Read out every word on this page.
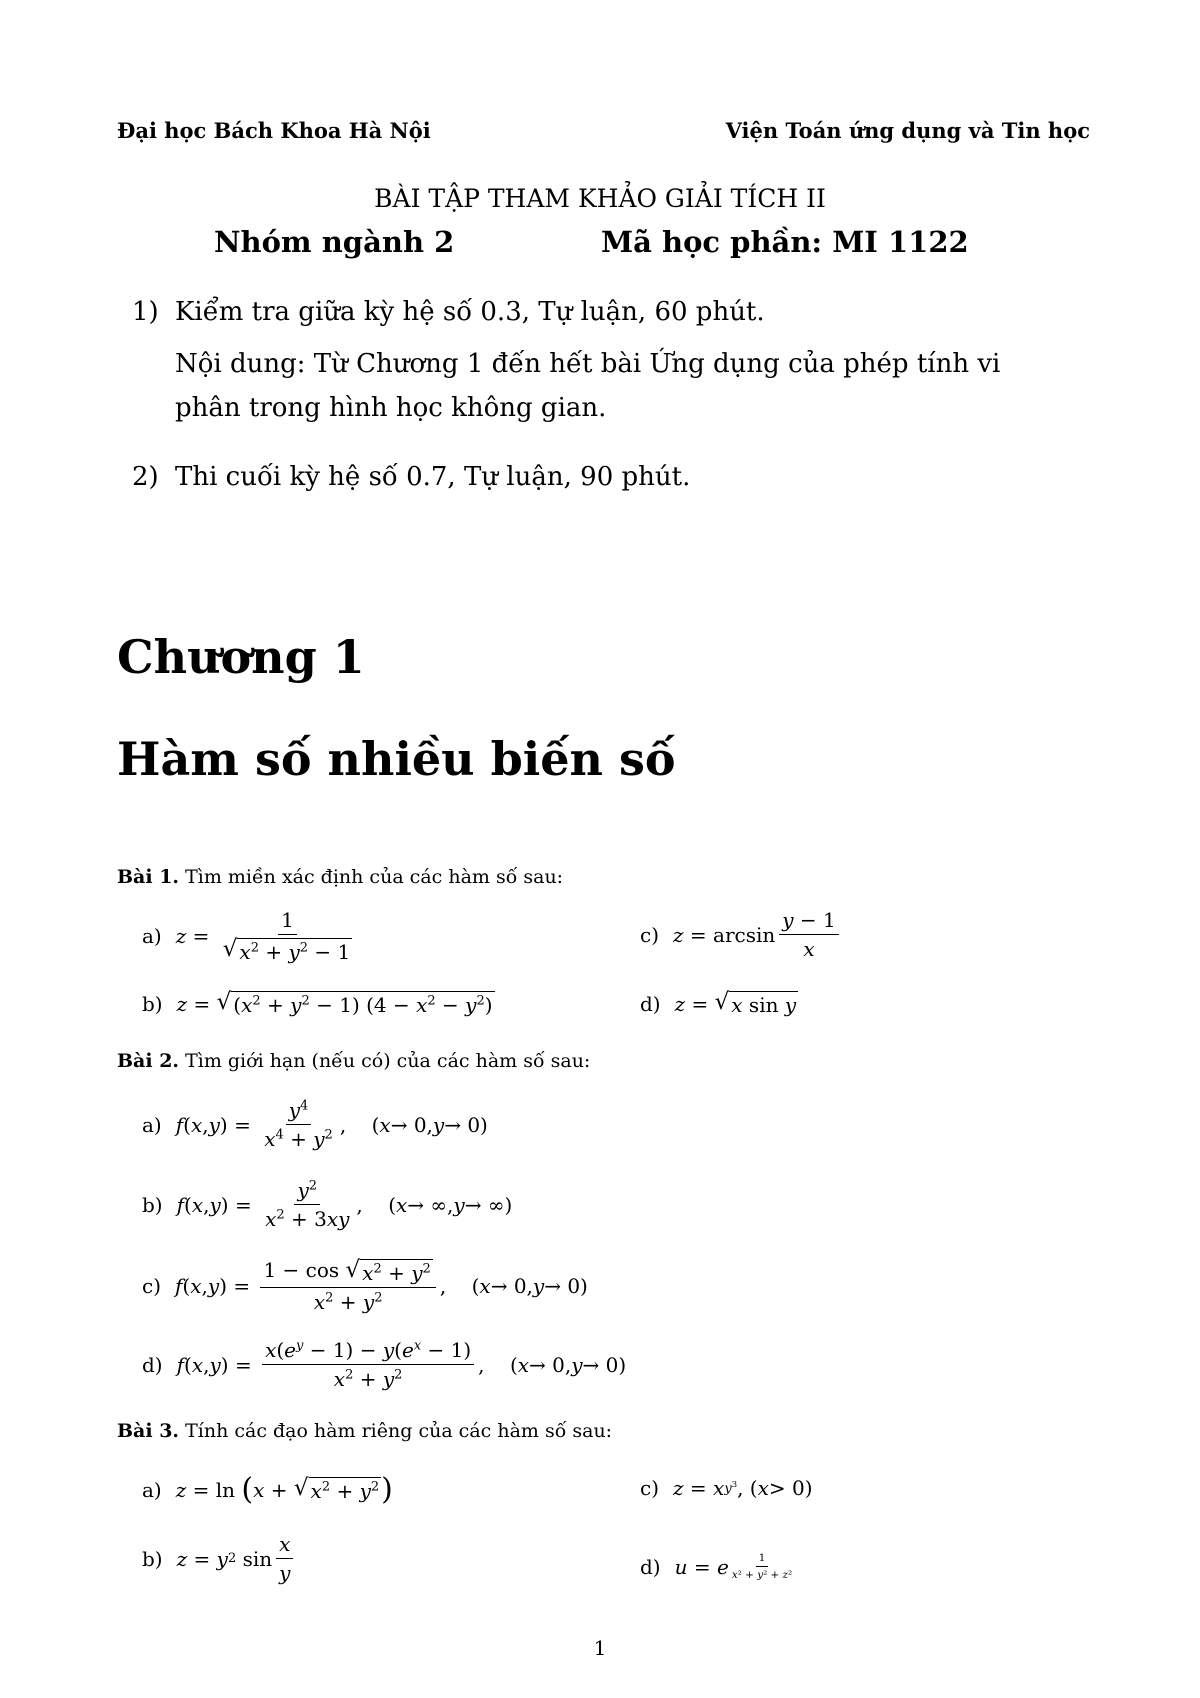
Đại học Bách Khoa Hà Nội	Viện Toán ứng dụng và Tin học
BÀI TẬP THAM KHẢO GIẢI TÍCH II
Nhóm ngành 2	Mã học phần: MI 1122
1) Kiểm tra giữa kỳ hệ số 0.3, Tự luận, 60 phút.
Nội dung: Từ Chương 1 đến hết bài Ứng dụng của phép tính vi
phân trong hình học không gian.
2) Thi cuối kỳ hệ số 0.7, Tự luận, 90 phút.
Chương 1
Hàm số nhiều biến số
Bài 1. Tìm miền xác định của các hàm số sau:
a) $z = \frac{1}{√ x^2 + y^2 - 1}$
b) z = √ $(x^2 + y^2 - 1) (4 - x^2 - y^2)$
c) $z = \arcsin \frac{y - 1}{x}$
d) z = √ x sin y
Bài 2. Tìm giới hạn (nếu có) của các hàm số sau:
a) f ( x , y ) = $\frac{y^4}{x^4 + y^2}$ ,    ( x → 0, y → 0)
b) f ( x , y ) = $\frac{y^2}{x^2 + 3xy}$ ,    ( x → ∞, y → ∞)
c) f ( x , y ) = $\frac{1 - \cos √ x^2 + y^2}{x^2 + y^2}$ ,    ( x → 0, y → 0)
d) f ( x , y ) = $\frac{x(e^y - 1) - y(e^x - 1)}{x^2 + y^2}$ ,    ( x → 0, y → 0)
Bài 3. Tính các đạo hàm riêng của các hàm số sau:
a) z = ln ( x + √ $x^2 + y^2$ )
b) z = y 2 $\sin \frac{x}{y}$
c) z = x $y^3$ , ( x > 0)
d) u = e $\frac{1}{\text{x² + y² + z²}}$
1
